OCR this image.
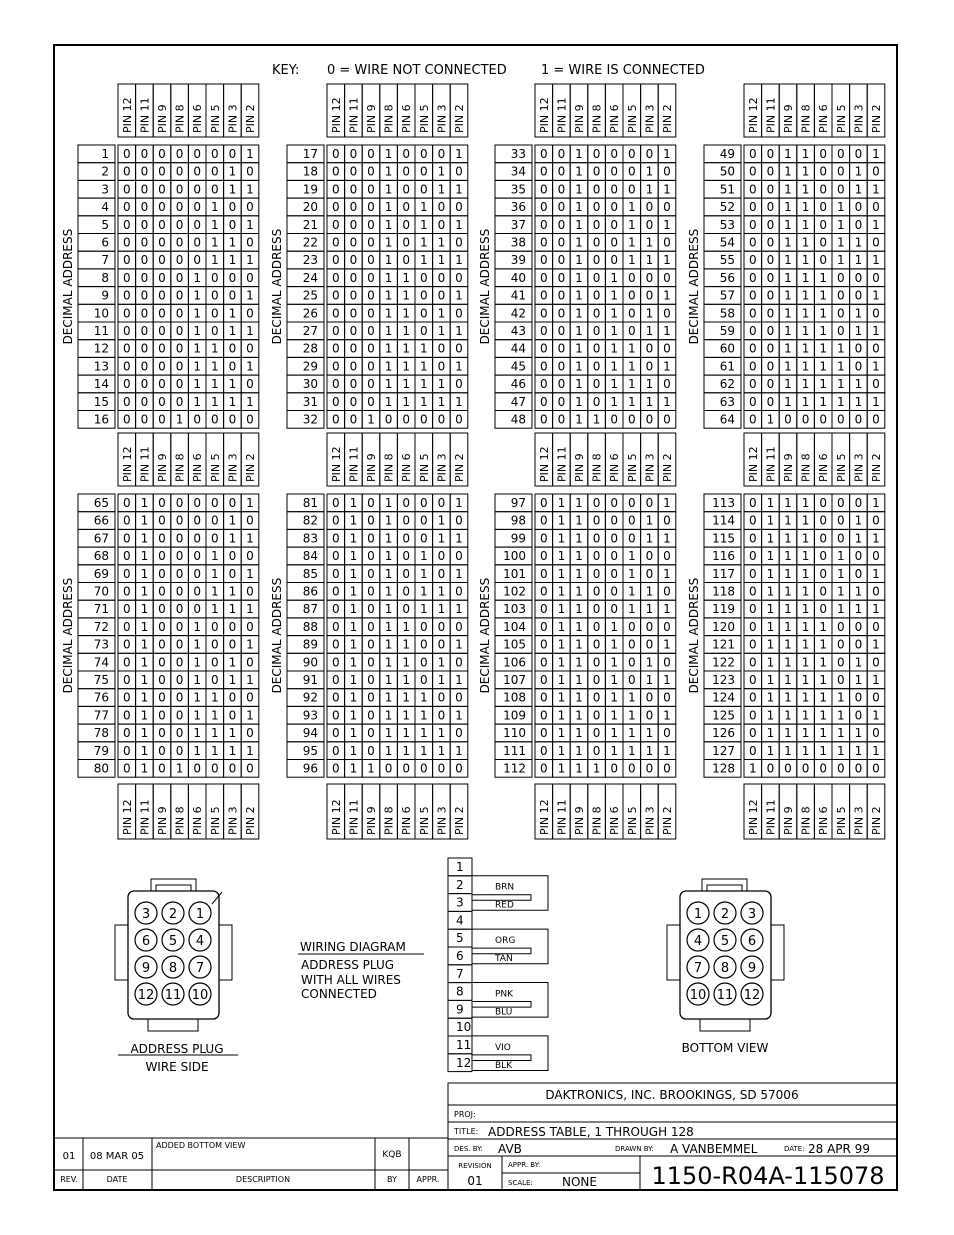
KEY: 0 = WIRE NOT CONNECTED	1 = WIRE IS CONNECTED
PIN 12 PIN 11 PIN 9 PIN 8 PIN 6 PIN 5 PIN 3 PIN 2
1 0 0 0 0 0 0 0 1
2 0 0 0 0 0 0 1 0
3 0 0 0 0 0 0 1 1
4 0 0 0 0 0 1 0 0
5 0 0 0 0 0 1 0 1
6 0 0 0 0 0 1 1 0
7 0 0 0 0 0 1 1 1
8 0 0 0 0 1 0 0 0
9 0 0 0 0 1 0 0 1
10 0 0 0 0 1 0 1 0
11 0 0 0 0 1 0 1 1
12 0 0 0 0 1 1 0 0
13 0 0 0 0 1 1 0 1
14 0 0 0 0 1 1 1 0
15 0 0 0 0 1 1 1 1
16 0 0 0 1 0 0 0 0
DECIMAL ADDRESS
PIN 12 PIN 11 PIN 9 PIN 8 PIN 6 PIN 5 PIN 3 PIN 2
17 0 0 0 1 0 0 0 1
18 0 0 0 1 0 0 1 0
19 0 0 0 1 0 0 1 1
20 0 0 0 1 0 1 0 0
21 0 0 0 1 0 1 0 1
22 0 0 0 1 0 1 1 0
23 0 0 0 1 0 1 1 1
24 0 0 0 1 1 0 0 0
25 0 0 0 1 1 0 0 1
26 0 0 0 1 1 0 1 0
27 0 0 0 1 1 0 1 1
28 0 0 0 1 1 1 0 0
29 0 0 0 1 1 1 0 1
30 0 0 0 1 1 1 1 0
31 0 0 0 1 1 1 1 1
32 0 0 1 0 0 0 0 0
DECIMAL ADDRESS
PIN 12 PIN 11 PIN 9 PIN 8 PIN 6 PIN 5 PIN 3 PIN 2
33 0 0 1 0 0 0 0 1
34 0 0 1 0 0 0 1 0
35 0 0 1 0 0 0 1 1
36 0 0 1 0 0 1 0 0
37 0 0 1 0 0 1 0 1
38 0 0 1 0 0 1 1 0
39 0 0 1 0 0 1 1 1
40 0 0 1 0 1 0 0 0
41 0 0 1 0 1 0 0 1
42 0 0 1 0 1 0 1 0
43 0 0 1 0 1 0 1 1
44 0 0 1 0 1 1 0 0
45 0 0 1 0 1 1 0 1
46 0 0 1 0 1 1 1 0
47 0 0 1 0 1 1 1 1
48 0 0 1 1 0 0 0 0
DECIMAL ADDRESS
PIN 12 PIN 11 PIN 9 PIN 8 PIN 6 PIN 5 PIN 3 PIN 2
49 0 0 1 1 0 0 0 1
50 0 0 1 1 0 0 1 0
51 0 0 1 1 0 0 1 1
52 0 0 1 1 0 1 0 0
53 0 0 1 1 0 1 0 1
54 0 0 1 1 0 1 1 0
55 0 0 1 1 0 1 1 1
56 0 0 1 1 1 0 0 0
57 0 0 1 1 1 0 0 1
58 0 0 1 1 1 0 1 0
59 0 0 1 1 1 0 1 1
60 0 0 1 1 1 1 0 0
61 0 0 1 1 1 1 0 1
62 0 0 1 1 1 1 1 0
63 0 0 1 1 1 1 1 1
64 0 1 0 0 0 0 0 0
DECIMAL ADDRESS
PIN 12 PIN 11 PIN 9 PIN 8 PIN 6 PIN 5 PIN 3 PIN 2
PIN 12 PIN 11 PIN 9 PIN 8 PIN 6 PIN 5 PIN 3 PIN 2
65 0 1 0 0 0 0 0 1
66 0 1 0 0 0 0 1 0
67 0 1 0 0 0 0 1 1
68 0 1 0 0 0 1 0 0
69 0 1 0 0 0 1 0 1
70 0 1 0 0 0 1 1 0
71 0 1 0 0 0 1 1 1
72 0 1 0 0 1 0 0 0
73 0 1 0 0 1 0 0 1
74 0 1 0 0 1 0 1 0
75 0 1 0 0 1 0 1 1
76 0 1 0 0 1 1 0 0
77 0 1 0 0 1 1 0 1
78 0 1 0 0 1 1 1 0
79 0 1 0 0 1 1 1 1
80 0 1 0 1 0 0 0 0
DECIMAL ADDRESS
PIN 12 PIN 11 PIN 9 PIN 8 PIN 6 PIN 5 PIN 3 PIN 2
PIN 12 PIN 11 PIN 9 PIN 8 PIN 6 PIN 5 PIN 3 PIN 2
81 0 1 0 1 0 0 0 1
82 0 1 0 1 0 0 1 0
83 0 1 0 1 0 0 1 1
84 0 1 0 1 0 1 0 0
85 0 1 0 1 0 1 0 1
86 0 1 0 1 0 1 1 0
87 0 1 0 1 0 1 1 1
88 0 1 0 1 1 0 0 0
89 0 1 0 1 1 0 0 1
90 0 1 0 1 1 0 1 0
91 0 1 0 1 1 0 1 1
92 0 1 0 1 1 1 0 0
93 0 1 0 1 1 1 0 1
94 0 1 0 1 1 1 1 0
95 0 1 0 1 1 1 1 1
96 0 1 1 0 0 0 0 0
DECIMAL ADDRESS
PIN 12 PIN 11 PIN 9 PIN 8 PIN 6 PIN 5 PIN 3 PIN 2
PIN 12 PIN 11 PIN 9 PIN 8 PIN 6 PIN 5 PIN 3 PIN 2
97 0 1 1 0 0 0 0 1
98 0 1 1 0 0 0 1 0
99 0 1 1 0 0 0 1 1
100 0 1 1 0 0 1 0 0
101 0 1 1 0 0 1 0 1
102 0 1 1 0 0 1 1 0
103 0 1 1 0 0 1 1 1
104 0 1 1 0 1 0 0 0
105 0 1 1 0 1 0 0 1
106 0 1 1 0 1 0 1 0
107 0 1 1 0 1 0 1 1
108 0 1 1 0 1 1 0 0
109 0 1 1 0 1 1 0 1
110 0 1 1 0 1 1 1 0
111 0 1 1 0 1 1 1 1
112 0 1 1 1 0 0 0 0
DECIMAL ADDRESS
PIN 12 PIN 11 PIN 9 PIN 8 PIN 6 PIN 5 PIN 3 PIN 2
PIN 12 PIN 11 PIN 9 PIN 8 PIN 6 PIN 5 PIN 3 PIN 2
113 0 1 1 1 0 0 0 1
114 0 1 1 1 0 0 1 0
115 0 1 1 1 0 0 1 1
116 0 1 1 1 0 1 0 0
117 0 1 1 1 0 1 0 1
118 0 1 1 1 0 1 1 0
119 0 1 1 1 0 1 1 1
120 0 1 1 1 1 0 0 0
121 0 1 1 1 1 0 0 1
122 0 1 1 1 1 0 1 0
123 0 1 1 1 1 0 1 1
124 0 1 1 1 1 1 0 0
125 0 1 1 1 1 1 0 1
126 0 1 1 1 1 1 1 0
127 0 1 1 1 1 1 1 1
128 1 0 0 0 0 0 0 0
DECIMAL ADDRESS
3 2 1
6 5 4
9 8 7
12 11 10
ADDRESS PLUG
WIRE SIDE
WIRING DIAGRAM
ADDRESS PLUG
WITH ALL WIRES
CONNECTED
1
2
3
4
5
6
7
8
9
10
11
12
BRN
RED
ORG
TAN
PNK
BLU
VIO
BLK
1 2 3
4 5 6
7 8 9
10 11 12
BOTTOM VIEW
01 08 MAR 05
ADDED BOTTOM VIEW
KQB
REV.	DATE	DESCRIPTION	BY APPR.
DAKTRONICS, INC. BROOKINGS, SD 57006
PROJ:
TITLE: ADDRESS TABLE, 1 THROUGH 128
DES. BY: AVB	DRAWN BY: A VANBEMMEL	DATE: 28 APR 99
REVISION
01
APPR. BY:
SCALE: NONE 1150-R04A-115078
